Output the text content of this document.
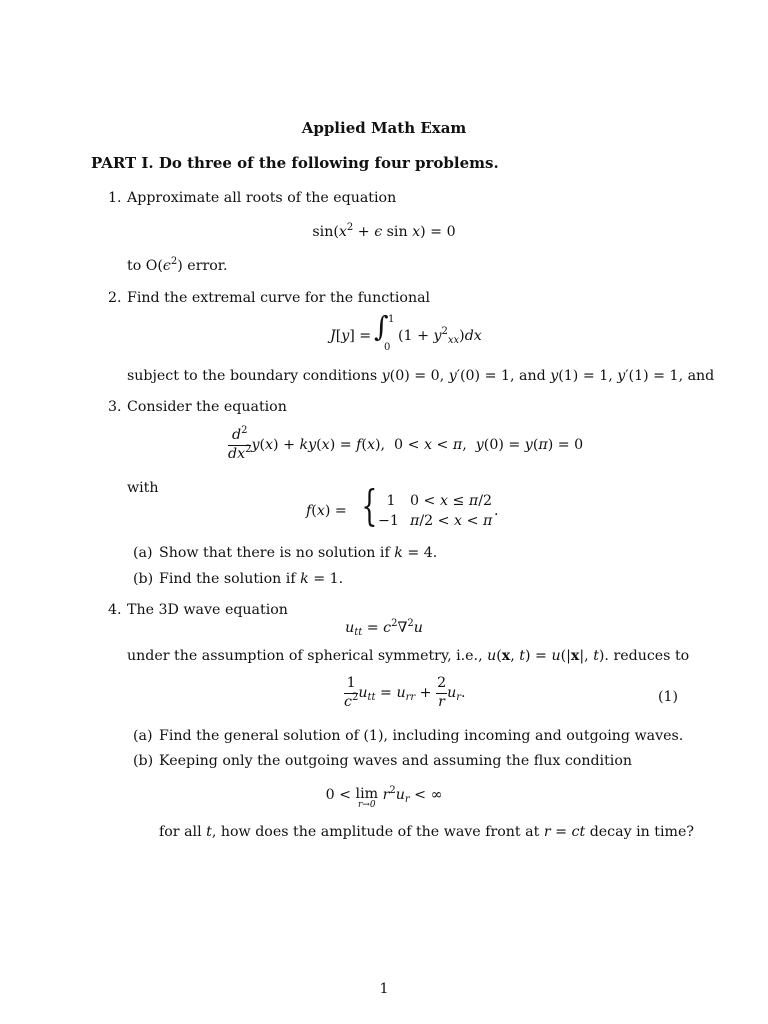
Applied Math Exam
PART I. Do three of the following four problems.
1. Approximate all roots of the equation
$\sin(x^2 + \epsilon$ sin x) = 0
to $O(\epsilon^2)$ error.
2. Find the extremal curve for the functional
J[y] = ∫ 1
0
$(1 + y^2_{xx})dx$
subject to the boundary conditions y(0) = 0, y′(0) = 1, and y(1) = 1, y′(1) = 1, and
3. Consider the equation
$\frac{d^2}{dx^2} y(x) + ky(x) = f(x)$,  0 < x < π,  y(0) = y(π) = 0
with
f(x) = { 1 0 < x ≤ π/2
−1 π/2 < x < π
.
(a) Show that there is no solution if k = 4.
(b) Find the solution if k = 1.
4. The 3D wave equation
$u_{tt} = c^2\nabla^2u$
under the assumption of spherical symmetry, i.e., u(x, t) = u(|x|, t). reduces to
$\frac{1}{c^2} u_{tt} = u_{rr} + \frac{2}{r} u_r$.	(1)
(a) Find the general solution of (1), including incoming and outgoing waves.
(b) Keeping only the outgoing waves and assuming the flux condition
0 < lim
r→0
$r^2u_r$ < ∞
for all t, how does the amplitude of the wave front at r = ct decay in time?
1
